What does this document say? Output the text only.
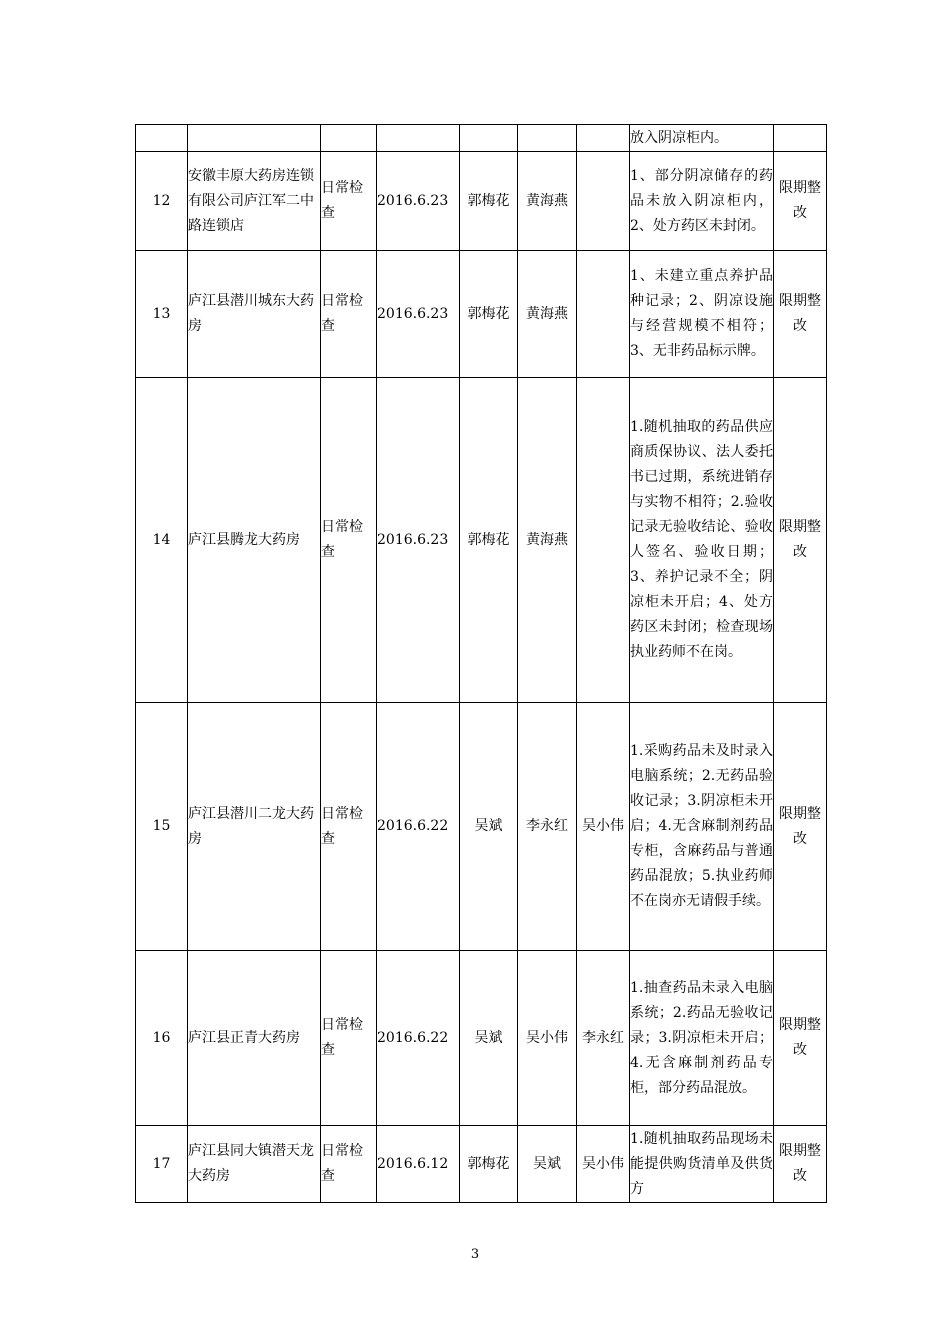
							放入阴凉柜内。	
12	安徽丰原大药房连锁有限公司庐江军二中路连锁店	日常检查	2016.6.23	郭梅花	黄海燕		1、部分阴凉储存的药品未放入阴凉柜内，2、处方药区未封闭。	限期整改
13	庐江县潜川城东大药房	日常检查	2016.6.23	郭梅花	黄海燕		1、未建立重点养护品种记录；2、阴凉设施与经营规模不相符；3、无非药品标示牌。	限期整改
14	庐江县腾龙大药房	日常检查	2016.6.23	郭梅花	黄海燕		1.随机抽取的药品供应商质保协议、法人委托书已过期，系统进销存与实物不相符；2.验收记录无验收结论、验收人签名、验收日期；3、养护记录不全；阴凉柜未开启；4、处方药区未封闭；检查现场执业药师不在岗。	限期整改
15	庐江县潜川二龙大药房	日常检查	2016.6.22	吴斌	李永红	吴小伟	1.采购药品未及时录入电脑系统；2.无药品验收记录；3.阴凉柜未开启；4.无含麻制剂药品专柜，含麻药品与普通药品混放；5.执业药师不在岗亦无请假手续。	限期整改
16	庐江县正青大药房	日常检查	2016.6.22	吴斌	吴小伟	李永红	1.抽查药品未录入电脑系统；2.药品无验收记录；3.阴凉柜未开启；4.无含麻制剂药品专柜，部分药品混放。	限期整改
17	庐江县同大镇潜天龙大药房	日常检查	2016.6.12	郭梅花	吴斌	吴小伟	1.随机抽取药品现场未能提供购货清单及供货方	限期整改
3
